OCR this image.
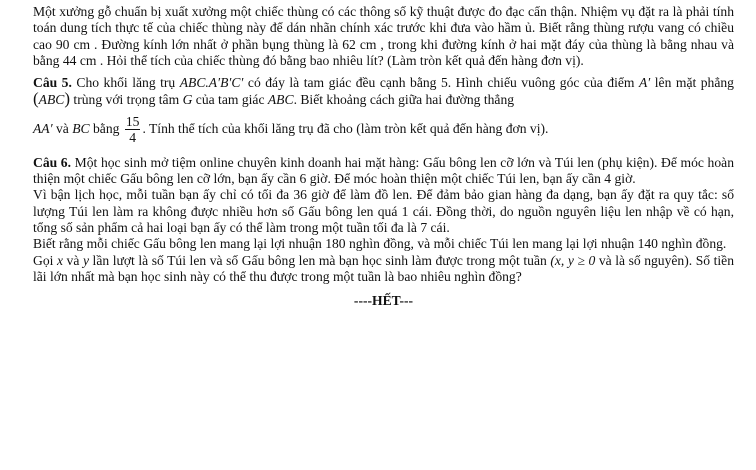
Một xưởng gỗ chuẩn bị xuất xưởng một chiếc thùng có các thông số kỹ thuật được đo đạc cẩn thận. Nhiệm vụ đặt ra là phải tính toán dung tích thực tế của chiếc thùng này để dán nhãn chính xác trước khi đưa vào hầm ủ. Biết rằng thùng rượu vang có chiều cao 90 cm . Đường kính lớn nhất ở phần bụng thùng là 62 cm , trong khi đường kính ở hai mặt đáy của thùng là bằng nhau và bằng 44 cm . Hỏi thể tích của chiếc thùng đó bằng bao nhiêu lít? (Làm tròn kết quả đến hàng đơn vị).

Câu 5. Cho khối lăng trụ ABC.A′B′C′ có đáy là tam giác đều cạnh bằng 5. Hình chiếu vuông góc của điểm A′ lên mặt phẳng (ABC) trùng với trọng tâm G của tam giác ABC. Biết khoảng cách giữa hai đường thẳng

AA′ và BC bằng $\frac{15}{4}$ . Tính thể tích của khối lăng trụ đã cho (làm tròn kết quả đến hàng đơn vị).

Câu 6. Một học sinh mở tiệm online chuyên kinh doanh hai mặt hàng: Gấu bông len cỡ lớn và Túi len (phụ kiện). Để móc hoàn thiện một chiếc Gấu bông len cỡ lớn, bạn ấy cần 6 giờ. Để móc hoàn thiện một chiếc Túi len, bạn ấy cần 4 giờ.

Vì bận lịch học, mỗi tuần bạn ấy chỉ có tối đa 36 giờ để làm đồ len. Để đảm bảo gian hàng đa dạng, bạn ấy đặt ra quy tắc: số lượng Túi len làm ra không được nhiều hơn số Gấu bông len quá 1 cái. Đồng thời, do nguồn nguyên liệu len nhập về có hạn, tổng số sản phẩm cả hai loại bạn ấy có thể làm trong một tuần tối đa là 7 cái.

Biết rằng mỗi chiếc Gấu bông len mang lại lợi nhuận 180 nghìn đồng, và mỗi chiếc Túi len mang lại lợi nhuận 140 nghìn đồng.

Gọi x và y lần lượt là số Túi len và số Gấu bông len mà bạn học sinh làm được trong một tuần (x, y ≥ 0 và là số nguyên). Số tiền lãi lớn nhất mà bạn học sinh này có thể thu được trong một tuần là bao nhiêu nghìn đồng?

----HẾT---
